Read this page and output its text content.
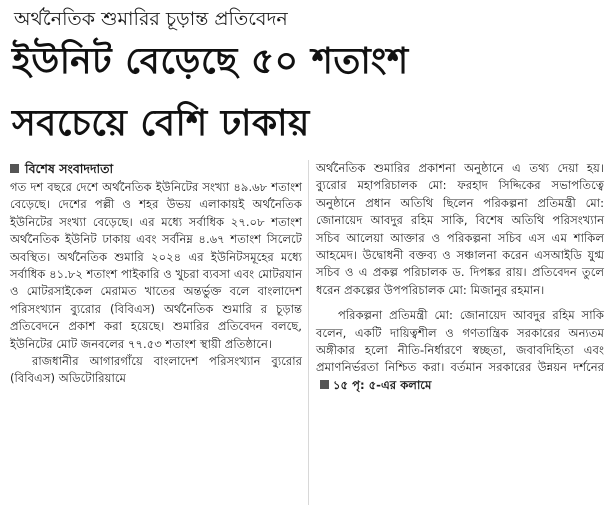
অর্থনৈতিক শুমারির চূড়ান্ত প্রতিবেদন
ইউনিট বেড়েছে ৫০ শতাংশ
সবচেয়ে বেশি ঢাকায়
বিশেষ সংবাদদাতা

গত দশ বছরে দেশে অর্থনৈতিক ইউনিটের সংখ্যা ৪৯.৬৮ শতাংশ বেড়েছে। দেশের পল্লী ও শহর উভয় এলাকায়ই অর্থনৈতিক ইউনিটের সংখ্যা বেড়েছে। এর মধ্যে সর্বাধিক ২৭.০৮ শতাংশ অর্থনৈতিক ইউনিট ঢাকায় এবং সর্বনিম্ন ৪.৬৭ শতাংশ সিলেটে অবস্থিত। অর্থনৈতিক শুমারি ২০২৪ এর ইউনিটসমূহের মধ্যে সর্বাধিক ৪১.৮২ শতাংশ পাইকারি ও খুচরা ব্যবসা এবং মোটরযান ও মোটরসাইকেল মেরামত খাতের অন্তর্ভুক্ত বলে বাংলাদেশ পরিসংখ্যান ব্যুরোর (বিবিএস) অর্থনৈতিক শুমারি র চূড়ান্ত প্রতিবেদনে প্রকাশ করা হয়েছে। শুমারির প্রতিবেদন বলছে, ইউনিটের মোট জনবলের ৭৭.৫৩ শতাংশ স্থায়ী প্রতিষ্ঠানে।

রাজধানীর আগারগাঁয়ে বাংলাদেশ পরিসংখ্যান ব্যুরোর (বিবিএস) অডিটোরিয়ামে

অর্থনৈতিক শুমারির প্রকাশনা অনুষ্ঠানে এ তথ্য দেয়া হয়। ব্যুরোর মহাপরিচালক মো: ফরহাদ সিদ্দিকের সভাপতিত্বে অনুষ্ঠানে প্রধান অতিথি ছিলেন পরিকল্পনা প্রতিমন্ত্রী মো: জোনায়েদ আবদুর রহিম সাকি, বিশেষ অতিথি পরিসংখ্যান সচিব আলেয়া আক্তার ও পরিকল্পনা সচিব এস এম শাকিল আহমেদ। উদ্বোধনী বক্তব্য ও সঞ্চালনা করেন এসআইডি যুগ্ম সচিব ও এ প্রকল্প পরিচালক ড. দিপঙ্কর রায়। প্রতিবেদন তুলে ধরেন প্রকল্পের উপপরিচালক মো: মিজানুর রহমান।

পরিকল্পনা প্রতিমন্ত্রী মো: জোনায়েদ আবদুর রহিম সাকি বলেন, একটি দায়িত্বশীল ও গণতান্ত্রিক সরকারের অন্যতম অঙ্গীকার হলো নীতি-নির্ধারণে স্বচ্ছতা, জবাবদিহিতা এবং প্রমাণনির্ভরতা নিশ্চিত করা। বর্তমান সরকারের উন্নয়ন দর্শনের১৫ পৃ: ৫-এর কলামে
